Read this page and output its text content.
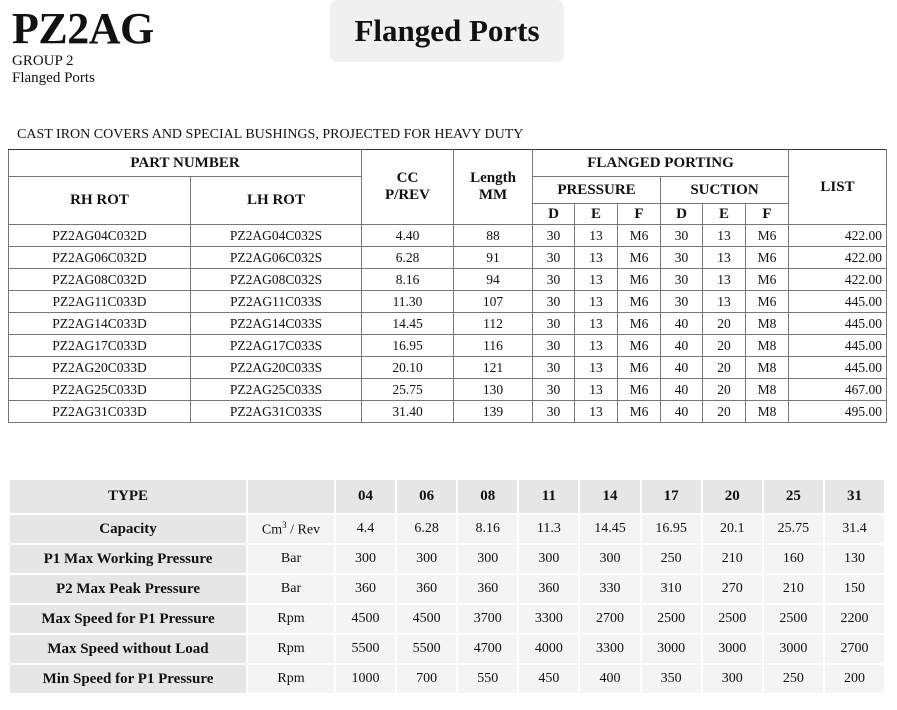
PZ2AG
GROUP 2
Flanged Ports
Flanged Ports
CAST IRON COVERS AND SPECIAL BUSHINGS, PROJECTED FOR HEAVY DUTY
PART NUMBER		CC P/REV	Length MM	FLANGED PORTING						LIST
RH ROT	LH ROT			PRESSURE			SUCTION			
				D	E	F	D	E	F	
PZ2AG04C032D	PZ2AG04C032S	4.40	88	30	13	M6	30	13	M6	422.00
PZ2AG06C032D	PZ2AG06C032S	6.28	91	30	13	M6	30	13	M6	422.00
PZ2AG08C032D	PZ2AG08C032S	8.16	94	30	13	M6	30	13	M6	422.00
PZ2AG11C033D	PZ2AG11C033S	11.30	107	30	13	M6	30	13	M6	445.00
PZ2AG14C033D	PZ2AG14C033S	14.45	112	30	13	M6	40	20	M8	445.00
PZ2AG17C033D	PZ2AG17C033S	16.95	116	30	13	M6	40	20	M8	445.00
PZ2AG20C033D	PZ2AG20C033S	20.10	121	30	13	M6	40	20	M8	445.00
PZ2AG25C033D	PZ2AG25C033S	25.75	130	30	13	M6	40	20	M8	467.00
PZ2AG31C033D	PZ2AG31C033S	31.40	139	30	13	M6	40	20	M8	495.00
TYPE		04	06	08	11	14	17	20	25	31
Capacity	Cm$^3$ / Rev	4.4	6.28	8.16	11.3	14.45	16.95	20.1	25.75	31.4
P1 Max Working Pressure	Bar	300	300	300	300	300	250	210	160	130
P2 Max Peak Pressure	Bar	360	360	360	360	330	310	270	210	150
Max Speed for P1 Pressure	Rpm	4500	4500	3700	3300	2700	2500	2500	2500	2200
Max Speed without Load	Rpm	5500	5500	4700	4000	3300	3000	3000	3000	2700
Min Speed for P1 Pressure	Rpm	1000	700	550	450	400	350	300	250	200
